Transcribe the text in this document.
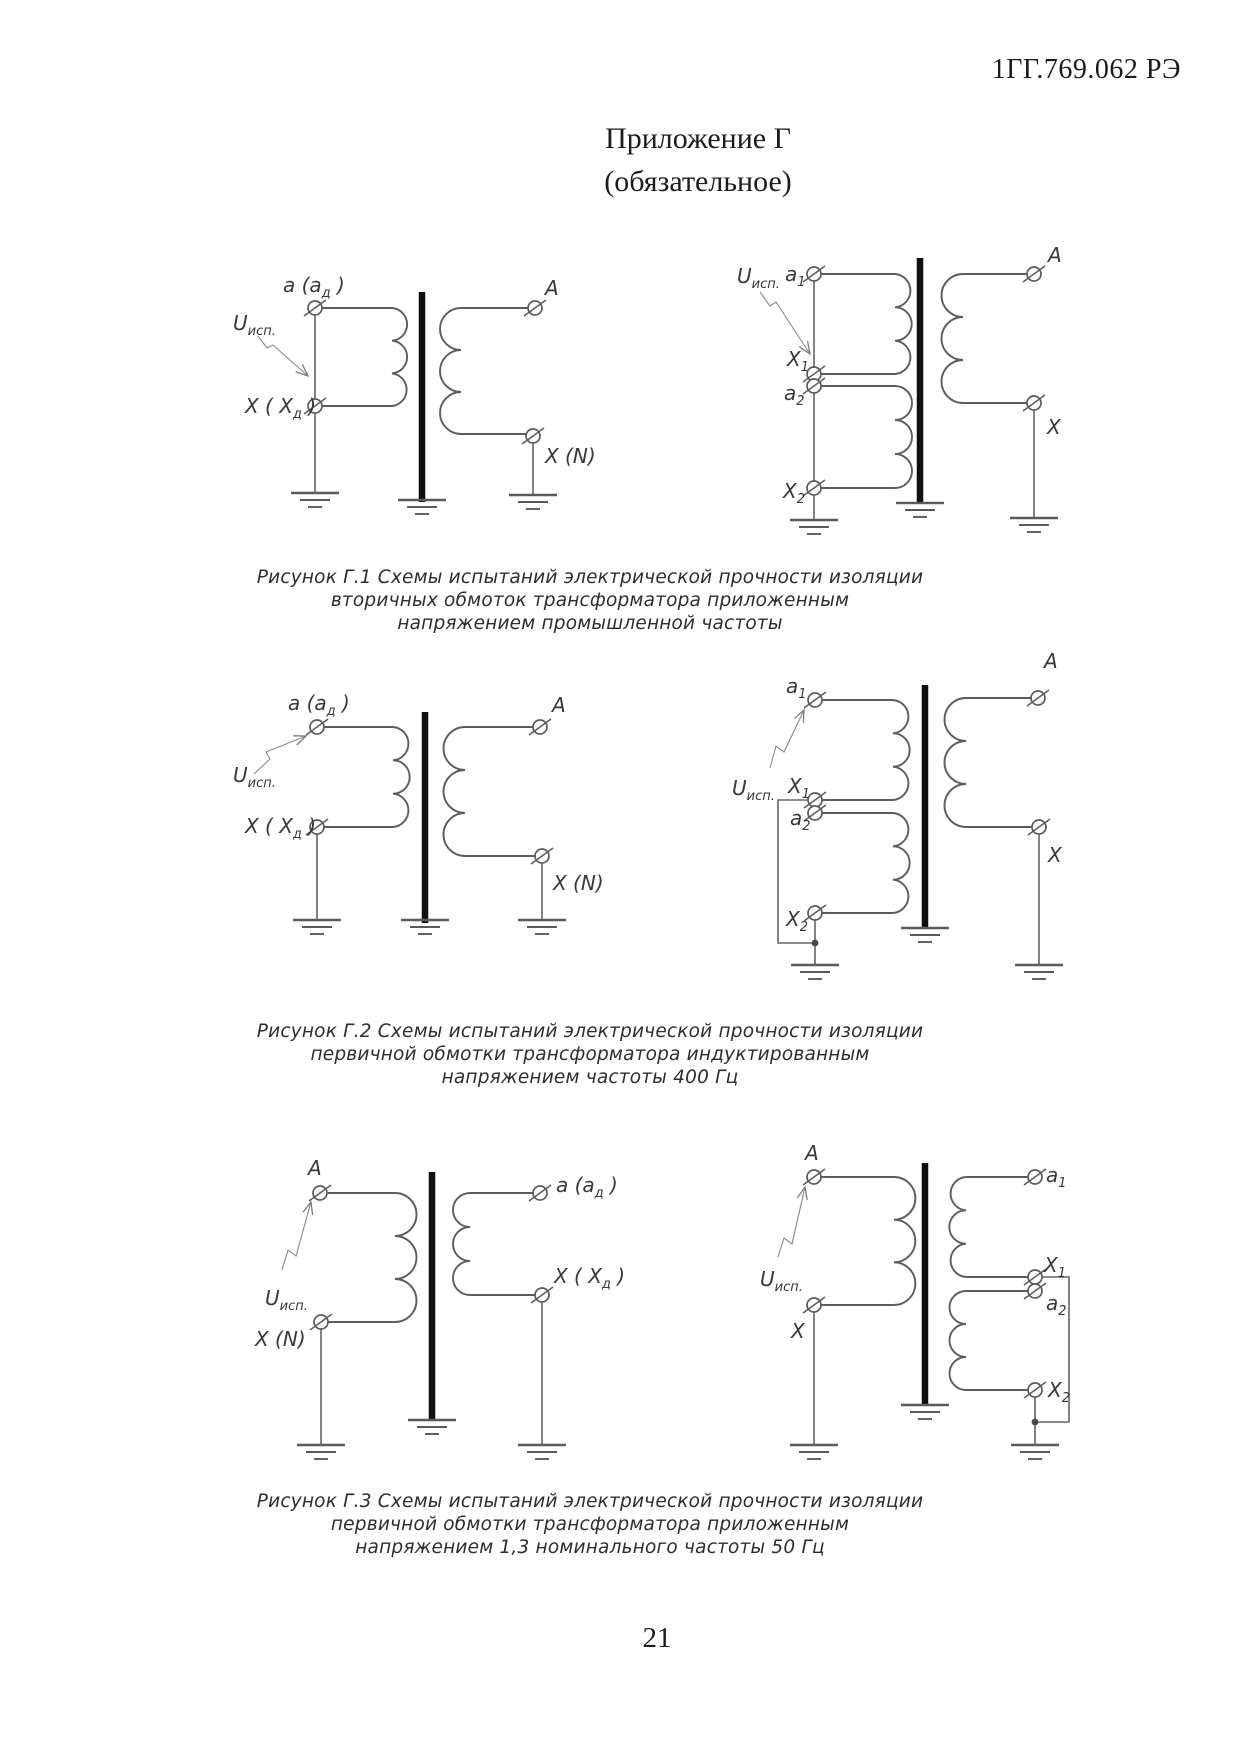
1ГГ.769.062 РЭ
Приложение Г
(обязательное)
$U_{исп.}$
a ($a_д$ )
X ( $X_д$ )
A
X (N)
$U_{исп.}$ $a_1$
$X_1$
$a_2$
$X_2$
A
X
Рисунок Г.1 Схемы испытаний электрической прочности изоляции
вторичных обмоток трансформатора приложенным
напряжением промышленной частоты
$U_{исп.}$
a ($a_д$ )
X ( $X_д$ )
A
X (N)
$U_{исп.}$
$a_1$
$X_1$
$a_2$
$X_2$
A
X
Рисунок Г.2 Схемы испытаний электрической прочности изоляции
первичной обмотки трансформатора индуктированным
напряжением частоты 400 Гц
A
$U_{исп.}$
X (N)
a ($a_д$ )
X ( $X_д$ )
A
$U_{исп.}$
X
$a_1$
$X_1$
$a_2$
$X_2$
Рисунок Г.3 Схемы испытаний электрической прочности изоляции
первичной обмотки трансформатора приложенным
напряжением 1,3 номинального частоты 50 Гц
21
